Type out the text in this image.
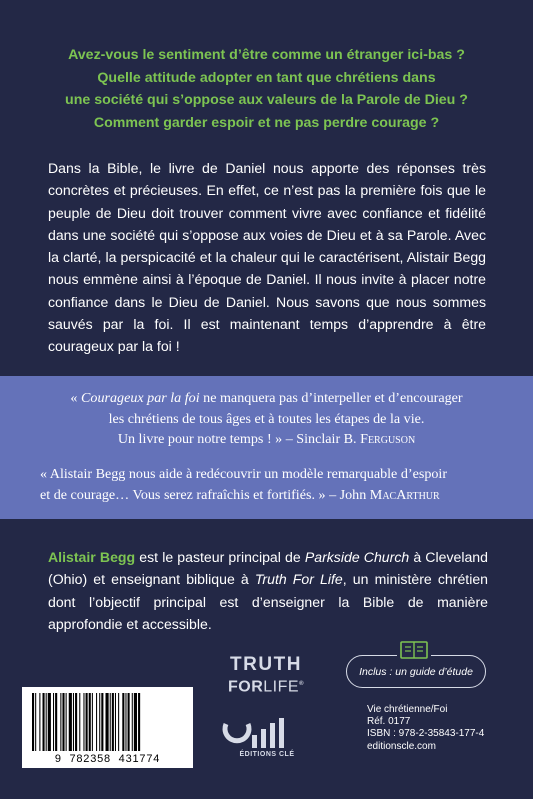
Avez-vous le sentiment d’être comme un étranger ici-bas ?
Quelle attitude adopter en tant que chrétiens dans
une société qui s’oppose aux valeurs de la Parole de Dieu ?
Comment garder espoir et ne pas perdre courage ?
Dans la Bible, le livre de Daniel nous apporte des réponses très concrètes et précieuses. En effet, ce n’est pas la première fois que le peuple de Dieu doit trouver comment vivre avec confiance et fidélité dans une société qui s’oppose aux voies de Dieu et à sa Parole. Avec la clarté, la perspicacité et la chaleur qui le caractérisent, Alistair Begg nous emmène ainsi à l’époque de Daniel. Il nous invite à placer notre confiance dans le Dieu de Daniel. Nous savons que nous sommes sauvés par la foi. Il est maintenant temps d’apprendre à être courageux par la foi !
« Courageux par la foi ne manquera pas d’interpeller et d’encourager
les chrétiens de tous âges et à toutes les étapes de la vie.
Un livre pour notre temps ! » – Sinclair B. Ferguson
« Alistair Begg nous aide à redécouvrir un modèle remarquable d’espoir
et de courage… Vous serez rafraîchis et fortifiés. » – John MacArthur
Alistair Begg est le pasteur principal de Parkside Church à Cleveland (Ohio) et enseignant biblique à Truth For Life, un ministère chrétien dont l’objectif principal est d’enseigner la Bible de manière approfondie et accessible.
TRUTH
FORLIFE®
ÉDITIONS CLÉ
Inclus : un guide d’étude
9  782358  431774
Vie chrétienne/Foi
Réf. 0177
ISBN : 978-2-35843-177-4
editionscle.com
